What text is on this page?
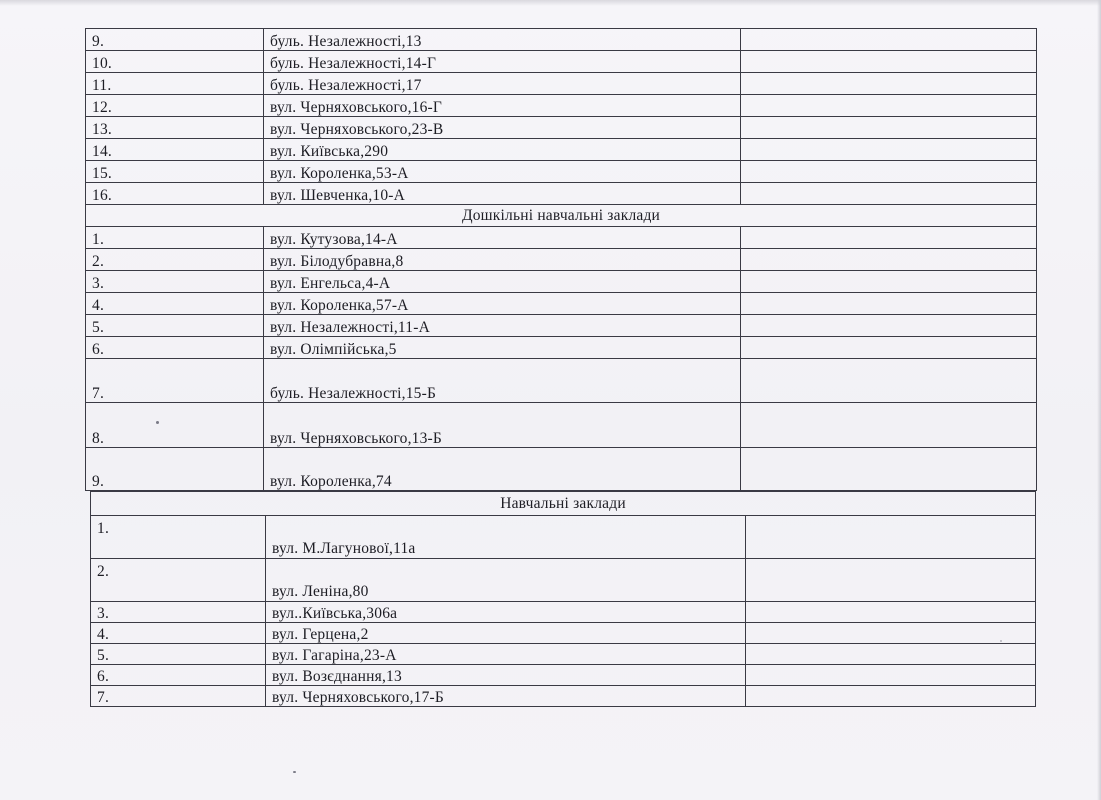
9.	буль. Незалежності,13	
10.	буль. Незалежності,14-Г	
11.	буль. Незалежності,17	
12.	вул. Черняховського,16-Г	
13.	вул. Черняховського,23-В	
14.	вул. Київська,290	
15.	вул. Короленка,53-А	
16.	вул. Шевченка,10-А	
Дошкільні навчальні заклади		
1.	вул. Кутузова,14-А	
2.	вул. Білодубравна,8	
3.	вул. Енгельса,4-А	
4.	вул. Короленка,57-А	
5.	вул. Незалежності,11-А	
6.	вул. Олімпійська,5	
7.	буль. Незалежності,15-Б	
8.	вул. Черняховського,13-Б	
9.	вул. Короленка,74	
Навчальні заклади		
1.	вул. М.Лагунової,11а	
2.	вул. Леніна,80	
3.	вул..Київська,306а	
4.	вул. Герцена,2	
5.	вул. Гагаріна,23-А	
6.	вул. Возєднання,13	
7.	вул. Черняховського,17-Б	
